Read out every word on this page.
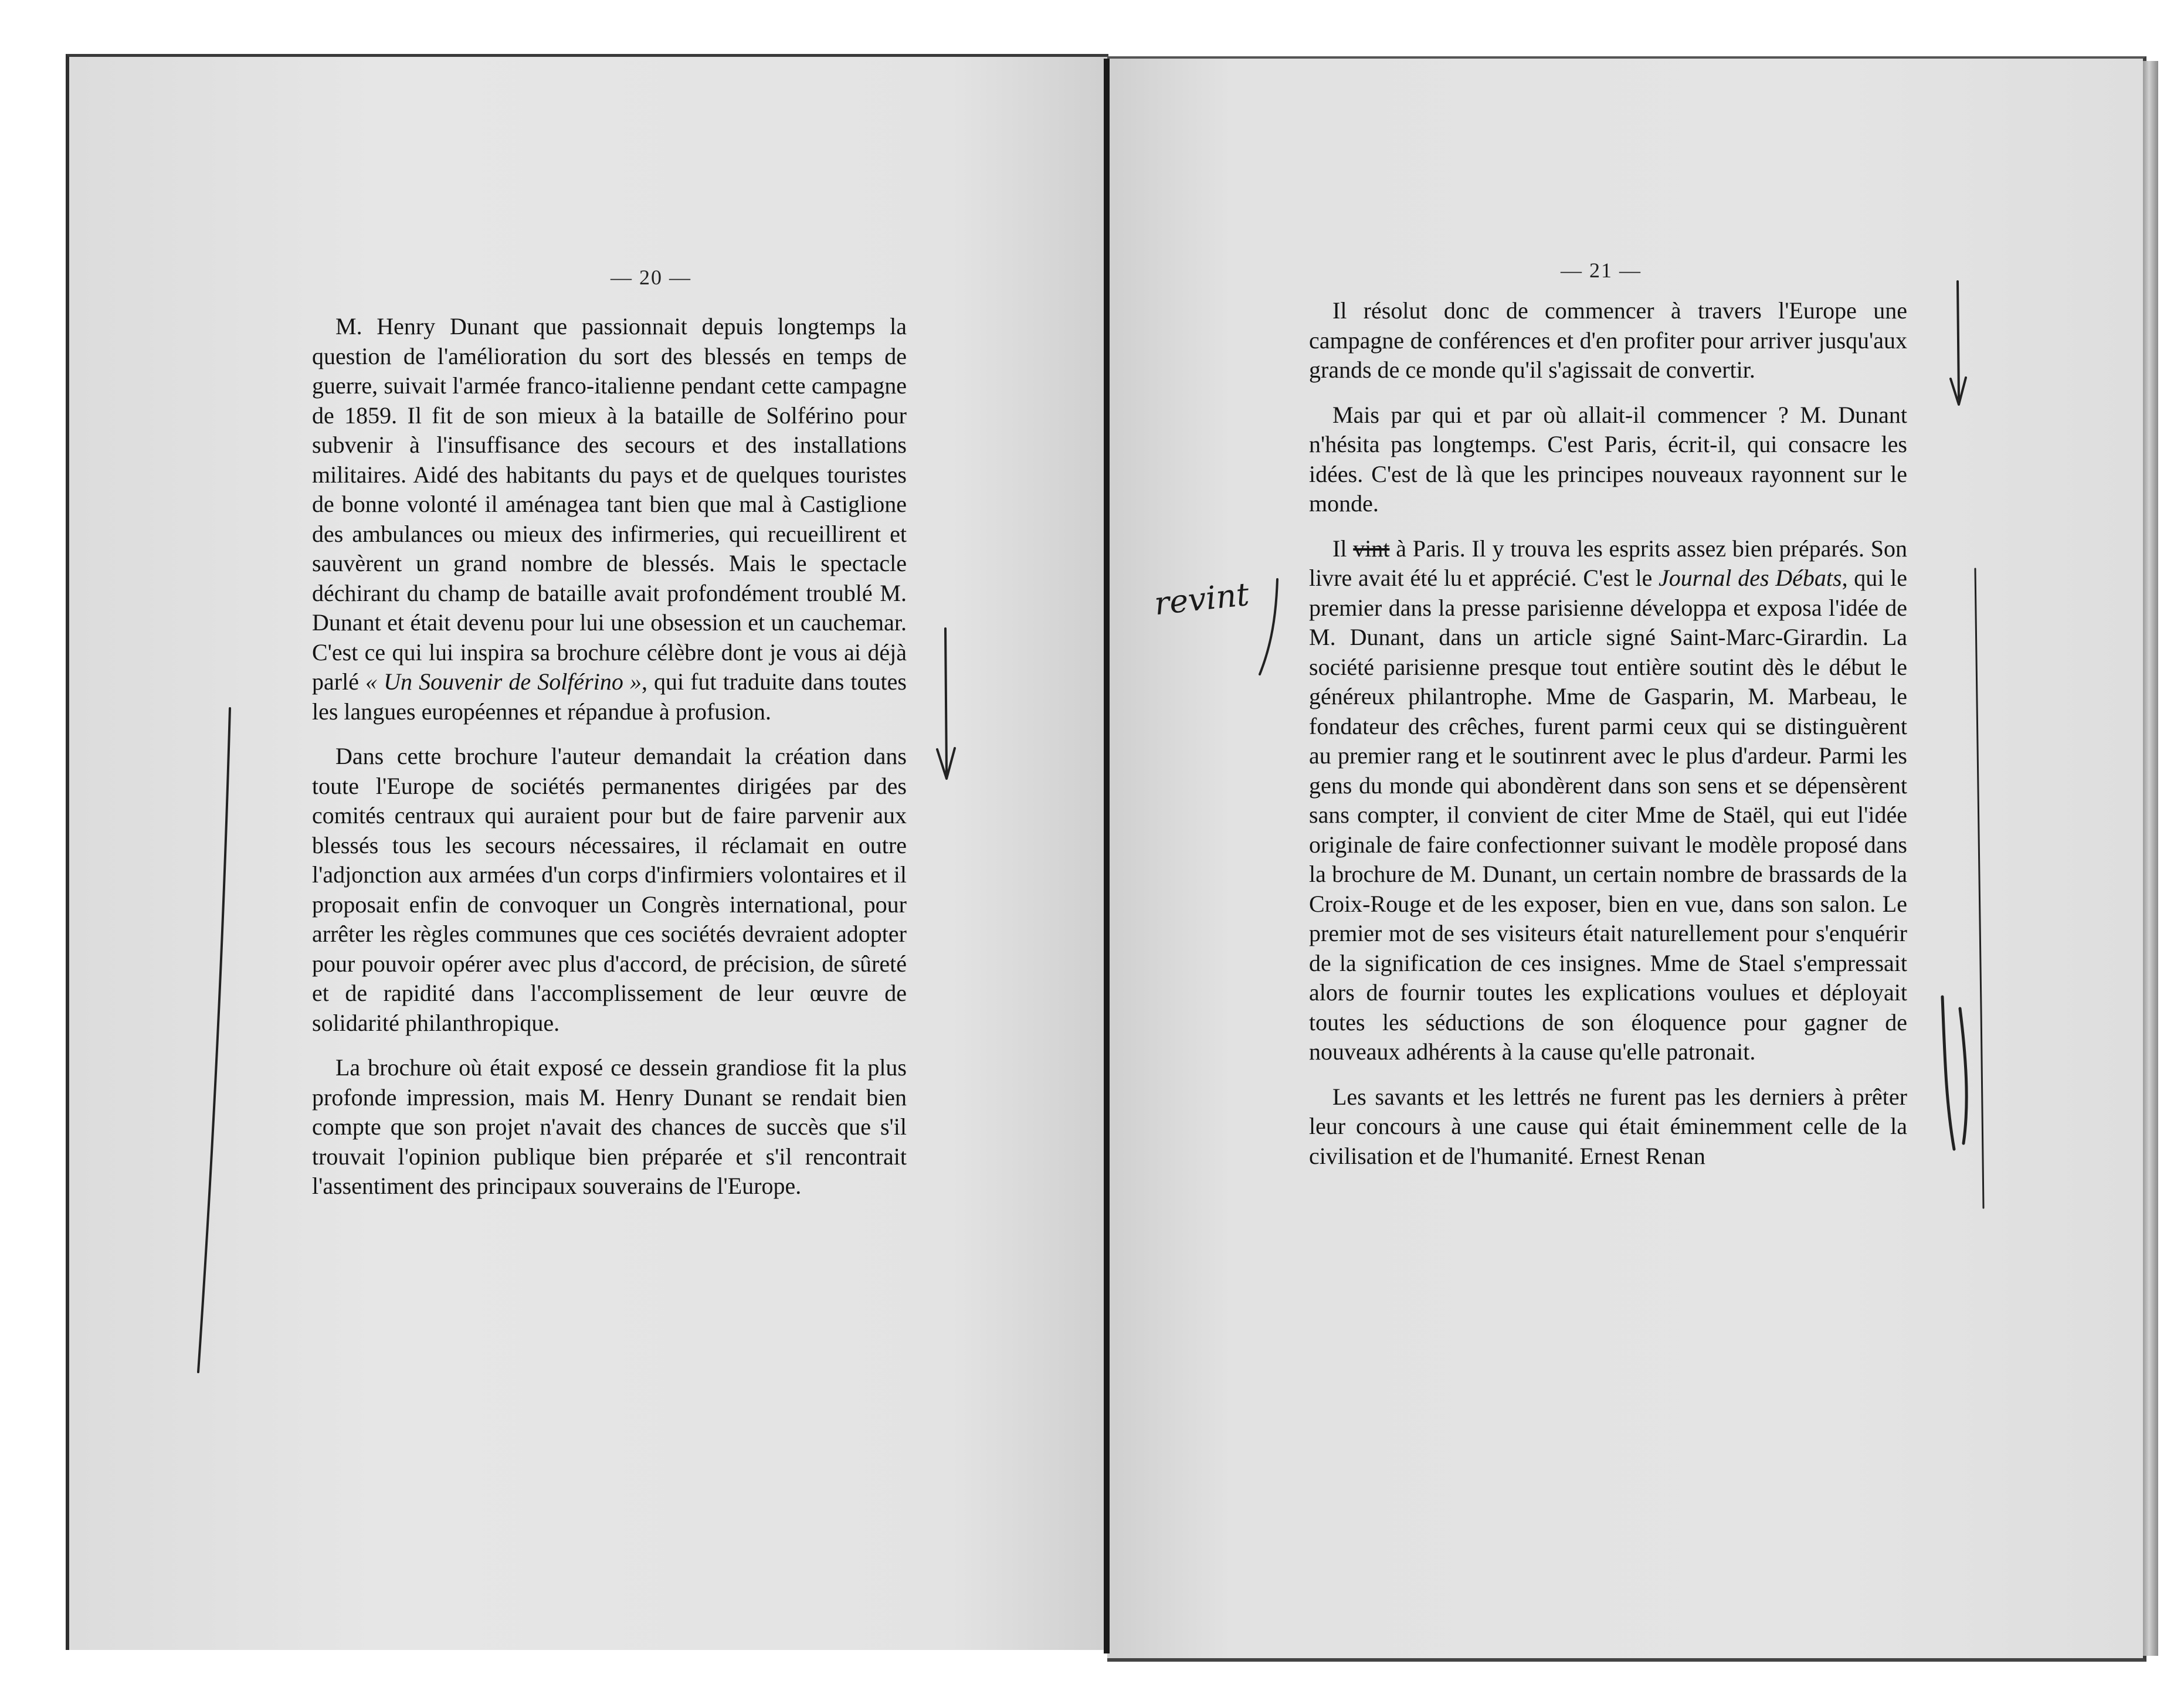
— 20 —	— 21 —

M. Henry Dunant que passionnait depuis longtemps la question de l'amélioration du sort des blessés en temps de guerre, suivait l'armée franco-italienne pendant cette campagne de 1859. Il fit de son mieux à la bataille de Solférino pour subvenir à l'insuffisance des secours et des installations militaires. Aidé des habitants du pays et de quelques touristes de bonne volonté il aménagea tant bien que mal à Castiglione des ambulances ou mieux des infirmeries, qui recueillirent et sauvèrent un grand nombre de blessés. Mais le spectacle déchirant du champ de bataille avait profondément troublé M. Dunant et était devenu pour lui une obsession et un cauchemar. C'est ce qui lui inspira sa brochure célèbre dont je vous ai déjà parlé « Un Souvenir de Solférino », qui fut traduite dans toutes les langues européennes et répandue à profusion.

Dans cette brochure l'auteur demandait la création dans toute l'Europe de sociétés permanentes dirigées par des comités centraux qui auraient pour but de faire parvenir aux blessés tous les secours nécessaires, il réclamait en outre l'adjonction aux armées d'un corps d'infirmiers volontaires et il proposait enfin de convoquer un Congrès international, pour arrêter les règles communes que ces sociétés devraient adopter pour pouvoir opérer avec plus d'accord, de précision, de sûreté et de rapidité dans l'accomplissement de leur œuvre de solidarité philanthropique.

La brochure où était exposé ce dessein grandiose fit la plus profonde impression, mais M. Henry Dunant se rendait bien compte que son projet n'avait des chances de succès que s'il trouvait l'opinion publique bien préparée et s'il rencontrait l'assentiment des principaux souverains de l'Europe.

Il résolut donc de commencer à travers l'Europe une campagne de conférences et d'en profiter pour arriver jusqu'aux grands de ce monde qu'il s'agissait de convertir.

Mais par qui et par où allait-il commencer ? M. Dunant n'hésita pas longtemps. C'est Paris, écrit-il, qui consacre les idées. C'est de là que les principes nouveaux rayonnent sur le monde.

Il vint à Paris. Il y trouva les esprits assez bien préparés. Son livre avait été lu et apprécié. C'est le Journal des Débats, qui le premier dans la presse parisienne développa et exposa l'idée de M. Dunant, dans un article signé Saint-Marc-Girardin. La société parisienne presque tout entière soutint dès le début le généreux philantrophe. Mme de Gasparin, M. Marbeau, le fondateur des crêches, furent parmi ceux qui se distinguèrent au premier rang et le soutinrent avec le plus d'ardeur. Parmi les gens du monde qui abondèrent dans son sens et se dépensèrent sans compter, il convient de citer Mme de Staël, qui eut l'idée originale de faire confectionner suivant le modèle proposé dans la brochure de M. Dunant, un certain nombre de brassards de la Croix-Rouge et de les exposer, bien en vue, dans son salon. Le premier mot de ses visiteurs était naturellement pour s'enquérir de la signification de ces insignes. Mme de Stael s'empressait alors de fournir toutes les explications voulues et déployait toutes les séductions de son éloquence pour gagner de nouveaux adhérents à la cause qu'elle patronait.

Les savants et les lettrés ne furent pas les derniers à prêter leur concours à une cause qui était éminemment celle de la civilisation et de l'humanité. Ernest Renan

revint
